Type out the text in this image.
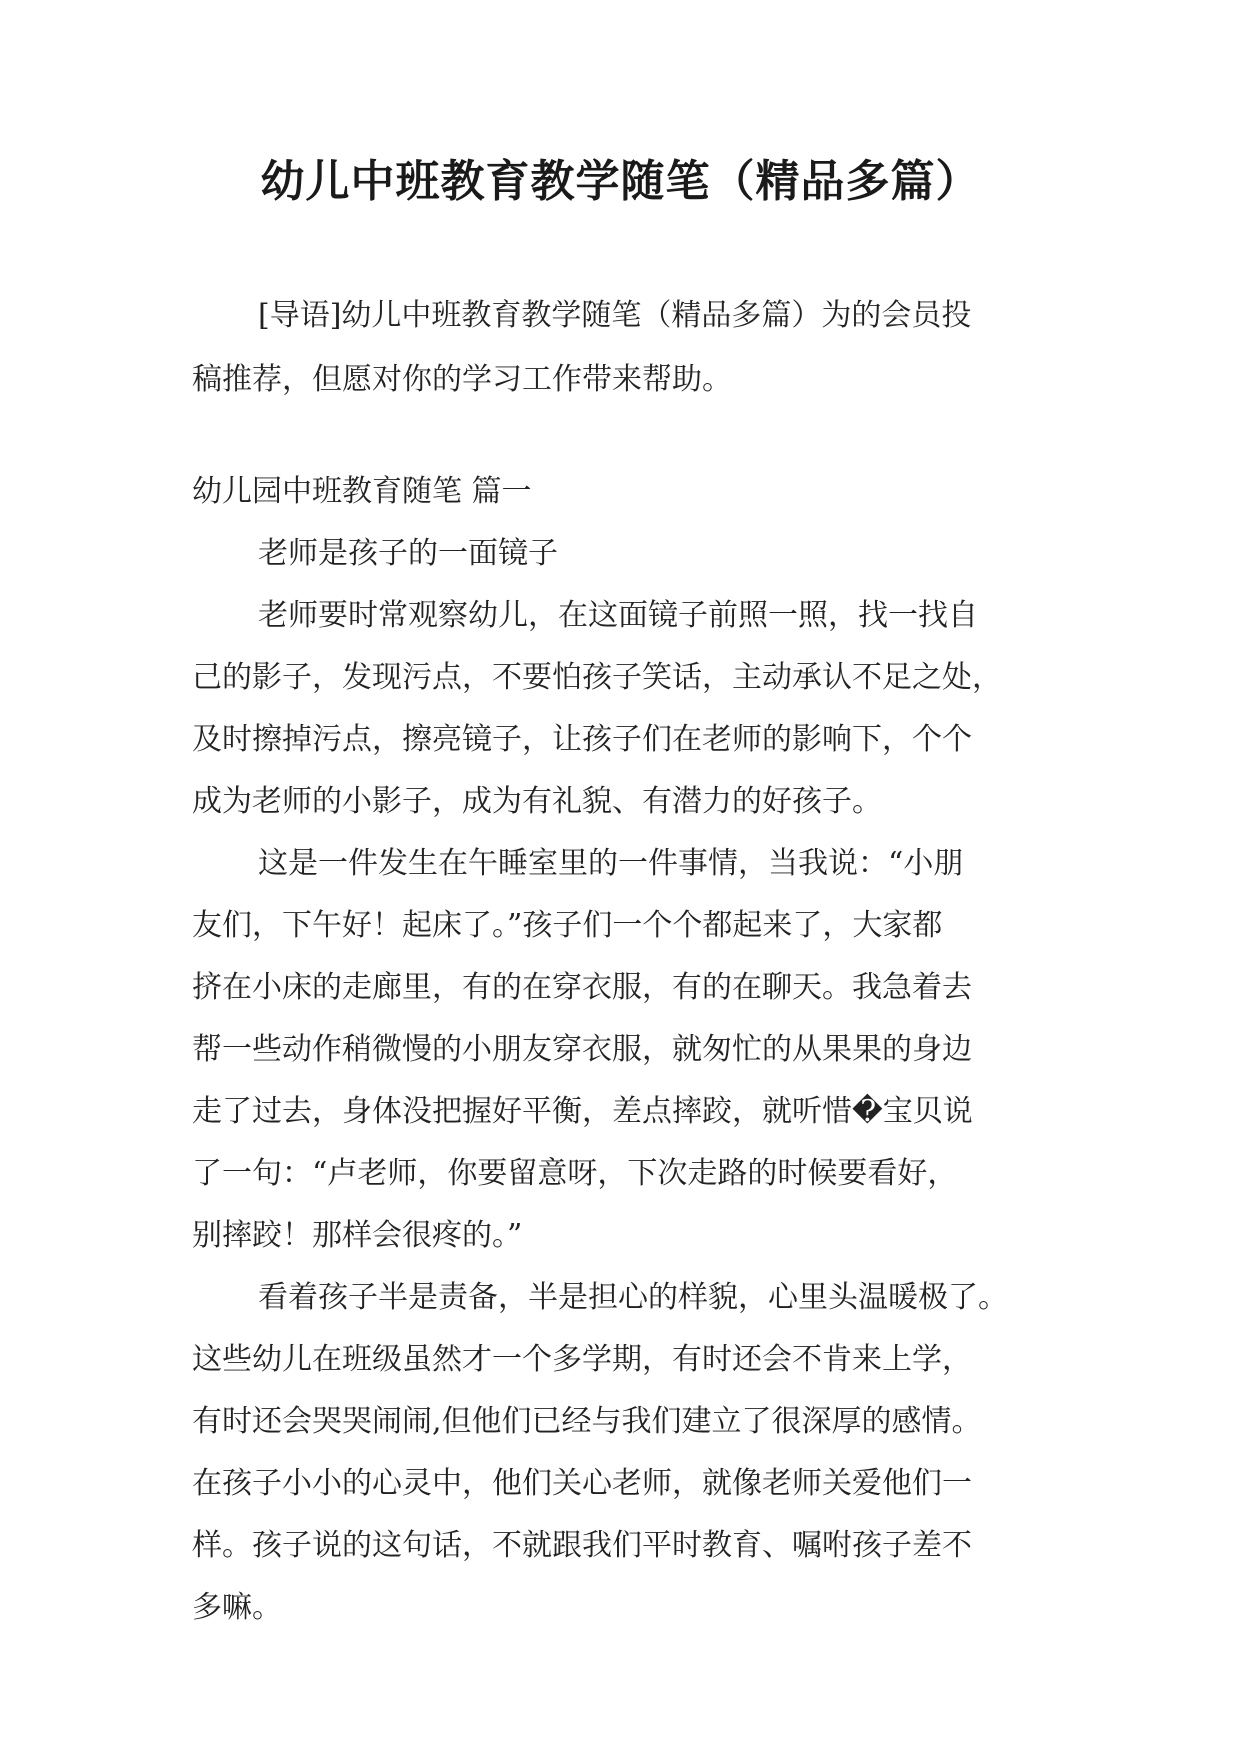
幼儿中班教育教学随笔（精品多篇）
[导语]幼儿中班教育教学随笔（精品多篇）为的会员投
稿推荐，但愿对你的学习工作带来帮助。
幼儿园中班教育随笔 篇一
老师是孩子的一面镜子
老师要时常观察幼儿，在这面镜子前照一照，找一找自
己的影子，发现污点，不要怕孩子笑话，主动承认不足之处，
及时擦掉污点，擦亮镜子，让孩子们在老师的影响下，个个
成为老师的小影子，成为有礼貌、有潜力的好孩子。
这是一件发生在午睡室里的一件事情，当我说：“小朋
友们，下午好！起床了。”孩子们一个个都起来了，大家都
挤在小床的走廊里，有的在穿衣服，有的在聊天。我急着去
帮一些动作稍微慢的小朋友穿衣服，就匆忙的从果果的身边
走了过去，身体没把握好平衡，差点摔跤，就听惜�宝贝说
了一句：“卢老师，你要留意呀，下次走路的时候要看好，
别摔跤！那样会很疼的。”
看着孩子半是责备，半是担心的样貌，心里头温暖极了。
这些幼儿在班级虽然才一个多学期，有时还会不肯来上学，
有时还会哭哭闹闹,但他们已经与我们建立了很深厚的感情。
在孩子小小的心灵中，他们关心老师，就像老师关爱他们一
样。孩子说的这句话，不就跟我们平时教育、嘱咐孩子差不
多嘛。
